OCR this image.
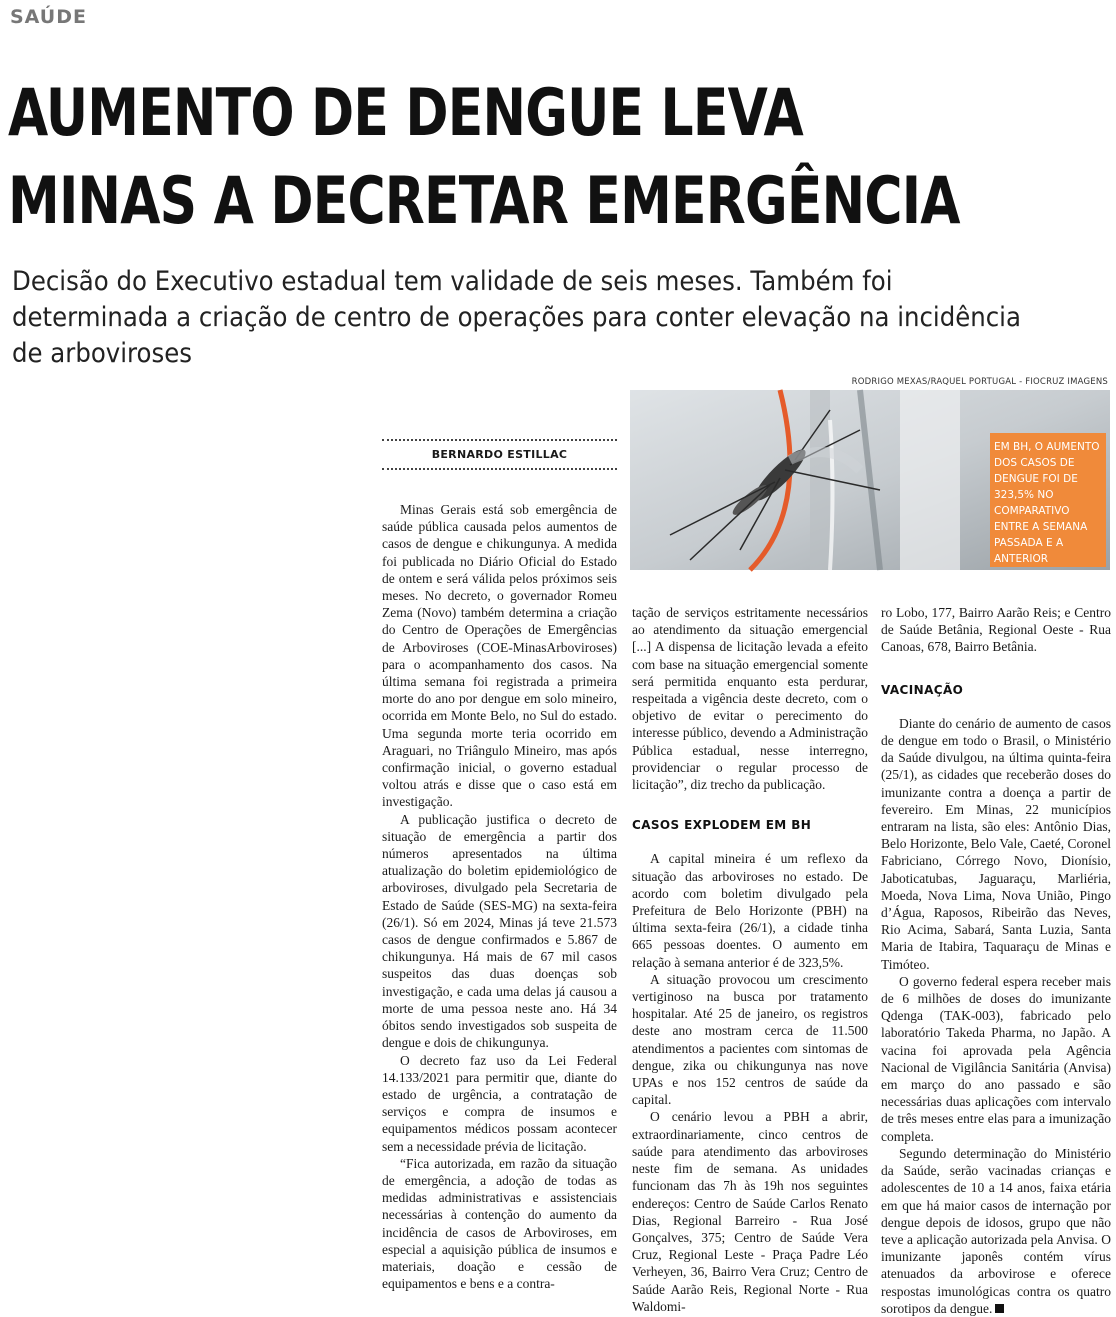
SAÚDE
AUMENTO DE DENGUE LEVA
MINAS A DECRETAR EMERGÊNCIA

Decisão do Executivo estadual tem validade de seis meses. Também foi determinada a criação de centro de operações para conter elevação na incidência de arboviroses

RODRIGO MEXAS/RAQUEL PORTUGAL - FIOCRUZ IMAGENS
EM BH, O AUMENTO DOS CASOS DE DENGUE FOI DE 323,5% NO COMPARATIVO ENTRE A SEMANA PASSADA E A ANTERIOR
BERNARDO ESTILLAC

Minas Gerais está sob emergência de saúde pública causada pelos aumentos de casos de dengue e chikungunya. A medida foi publicada no Diário Oficial do Estado de ontem e será válida pelos próximos seis meses. No decreto, o governador Romeu Zema (Novo) também determina a criação do Centro de Operações de Emergências de Arboviroses (COE-MinasArboviroses) para o acompanhamento dos casos. Na última semana foi registrada a primeira morte do ano por dengue em solo mineiro, ocorrida em Monte Belo, no Sul do estado. Uma segunda morte teria ocorrido em Araguari, no Triângulo Mineiro, mas após confirmação inicial, o governo estadual voltou atrás e disse que o caso está em investigação.

A publicação justifica o decreto de situação de emergência a partir dos números apresentados na última atualização do boletim epidemiológico de arboviroses, divulgado pela Secretaria de Estado de Saúde (SES-MG) na sexta-feira (26/1). Só em 2024, Minas já teve 21.573 casos de dengue confirmados e 5.867 de chikungunya. Há mais de 67 mil casos suspeitos das duas doenças sob investigação, e cada uma delas já causou a morte de uma pessoa neste ano. Há 34 óbitos sendo investigados sob suspeita de dengue e dois de chikungunya.

O decreto faz uso da Lei Federal 14.133/2021 para permitir que, diante do estado de urgência, a contratação de serviços e compra de insumos e equipamentos médicos possam acontecer sem a necessidade prévia de licitação.

“Fica autorizada, em razão da situação de emergência, a adoção de todas as medidas administrativas e assistenciais necessárias à contenção do aumento da incidência de casos de Arboviroses, em especial a aquisição pública de insumos e materiais, doação e cessão de equipamentos e bens e a contra-

tação de serviços estritamente necessários ao atendimento da situação emergencial [...] A dispensa de licitação levada a efeito com base na situação emergencial somente será permitida enquanto esta perdurar, respeitada a vigência deste decreto, com o objetivo de evitar o perecimento do interesse público, devendo a Administração Pública estadual, nesse interregno, providenciar o regular processo de licitação”, diz trecho da publicação.

CASOS EXPLODEM EM BH

A capital mineira é um reflexo da situação das arboviroses no estado. De acordo com boletim divulgado pela Prefeitura de Belo Horizonte (PBH) na última sexta-feira (26/1), a cidade tinha 665 pessoas doentes. O aumento em relação à semana anterior é de 323,5%.

A situação provocou um crescimento vertiginoso na busca por tratamento hospitalar. Até 25 de janeiro, os registros deste ano mostram cerca de 11.500 atendimentos a pacientes com sintomas de dengue, zika ou chikungunya nas nove UPAs e nos 152 centros de saúde da capital.

O cenário levou a PBH a abrir, extraordinariamente, cinco centros de saúde para atendimento das arboviroses neste fim de semana. As unidades funcionam das 7h às 19h nos seguintes endereços: Centro de Saúde Carlos Renato Dias, Regional Barreiro - Rua José Gonçalves, 375; Centro de Saúde Vera Cruz, Regional Leste - Praça Padre Léo Verheyen, 36, Bairro Vera Cruz; Centro de Saúde Aarão Reis, Regional Norte - Rua Waldomi-

ro Lobo, 177, Bairro Aarão Reis; e Centro de Saúde Betânia, Regional Oeste - Rua Canoas, 678, Bairro Betânia.

VACINAÇÃO

Diante do cenário de aumento de casos de dengue em todo o Brasil, o Ministério da Saúde divulgou, na última quinta-feira (25/1), as cidades que receberão doses do imunizante contra a doença a partir de fevereiro. Em Minas, 22 municípios entraram na lista, são eles: Antônio Dias, Belo Horizonte, Belo Vale, Caeté, Coronel Fabriciano, Córrego Novo, Dionísio, Jaboticatubas, Jaguaraçu, Marliéria, Moeda, Nova Lima, Nova União, Pingo d’Água, Raposos, Ribeirão das Neves, Rio Acima, Sabará, Santa Luzia, Santa Maria de Itabira, Taquaraçu de Minas e Timóteo.

O governo federal espera receber mais de 6 milhões de doses do imunizante Qdenga (TAK-003), fabricado pelo laboratório Takeda Pharma, no Japão. A vacina foi aprovada pela Agência Nacional de Vigilância Sanitária (Anvisa) em março do ano passado e são necessárias duas aplicações com intervalo de três meses entre elas para a imunização completa.

Segundo determinação do Ministério da Saúde, serão vacinadas crianças e adolescentes de 10 a 14 anos, faixa etária em que há maior casos de internação por dengue depois de idosos, grupo que não teve a aplicação autorizada pela Anvisa. O imunizante japonês contém vírus atenuados da arbovirose e oferece respostas imunológicas contra os quatro sorotipos da dengue.
